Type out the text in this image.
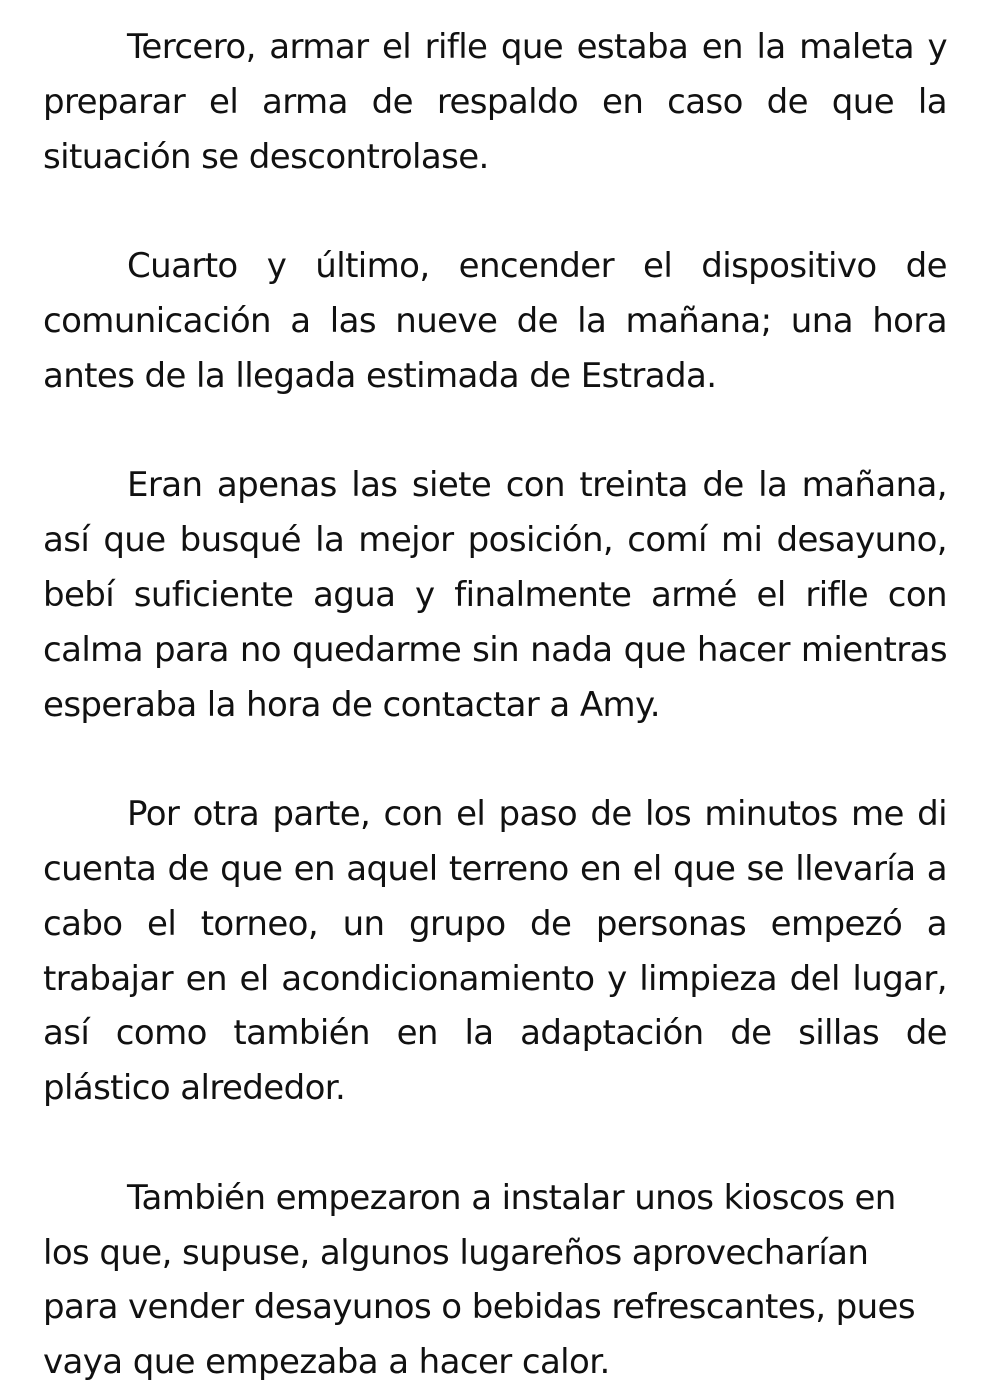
Tercero, armar el rifle que estaba en la maleta y preparar el arma de respaldo en caso de que la situación se descontrolase.

Cuarto y último, encender el dispositivo de comunicación a las nueve de la mañana; una hora antes de la llegada estimada de Estrada.

Eran apenas las siete con treinta de la mañana, así que busqué la mejor posición, comí mi desayuno, bebí suficiente agua y finalmente armé el rifle con calma para no quedarme sin nada que hacer mientras esperaba la hora de contactar a Amy.

Por otra parte, con el paso de los minutos me di cuenta de que en aquel terreno en el que se llevaría a cabo el torneo, un grupo de personas empezó a trabajar en el acondicionamiento y limpieza del lugar, así como también en la adaptación de sillas de plástico alrededor.

También empezaron a instalar unos kioscos en los que, supuse, algunos lugareños aprovecharían para vender desayunos o bebidas refrescantes, pues vaya que empezaba a hacer calor.
